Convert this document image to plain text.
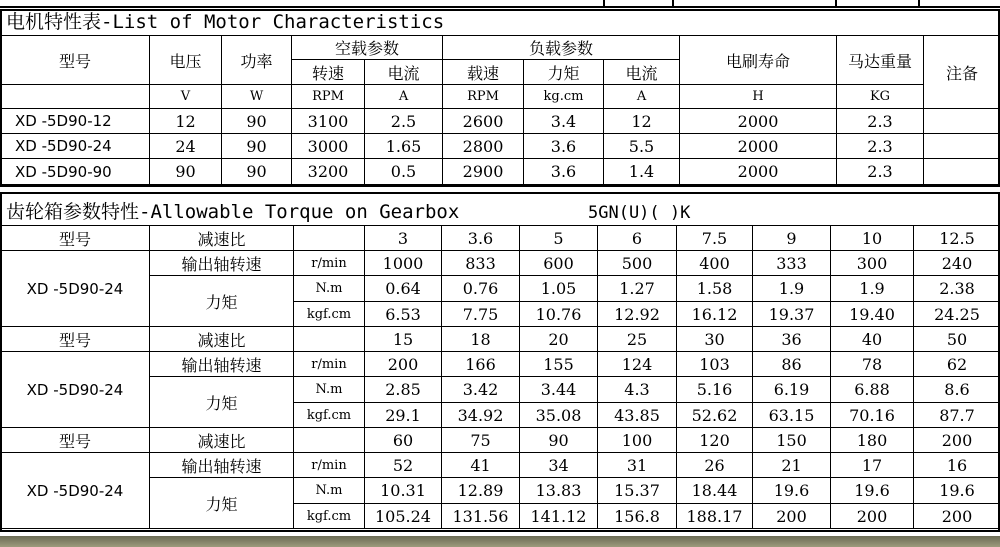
电机特性表-List of Motor Characteristics
型号	电压	功率	空载参数		负载参数			电刷寿命	马达重量	注备
			转速	电流	载速	力矩	电流			
	V	W	RPM	A	RPM	kg.cm	A	H	KG	
XD -5D90-12	12	90	3100	2.5	2600	3.4	12	2000	2.3	
XD -5D90-24	24	90	3000	1.65	2800	3.6	5.5	2000	2.3	
XD -5D90-90	90	90	3200	0.5	2900	3.6	1.4	2000	2.3	
齿轮箱参数特性-Allowable Torque on Gearbox	5GN(U)( )K
型号	减速比		3	3.6	5	6	7.5	9	10	12.5
XD -5D90-24	输出轴转速	r/min	1000	833	600	500	400	333	300	240
	力矩	N.m	0.64	0.76	1.05	1.27	1.58	1.9	1.9	2.38
		kgf.cm	6.53	7.75	10.76	12.92	16.12	19.37	19.40	24.25
型号	减速比		15	18	20	25	30	36	40	50
XD -5D90-24	输出轴转速	r/min	200	166	155	124	103	86	78	62
	力矩	N.m	2.85	3.42	3.44	4.3	5.16	6.19	6.88	8.6
		kgf.cm	29.1	34.92	35.08	43.85	52.62	63.15	70.16	87.7
型号	减速比		60	75	90	100	120	150	180	200
XD -5D90-24	输出轴转速	r/min	52	41	34	31	26	21	17	16
	力矩	N.m	10.31	12.89	13.83	15.37	18.44	19.6	19.6	19.6
		kgf.cm	105.24	131.56	141.12	156.8	188.17	200	200	200
